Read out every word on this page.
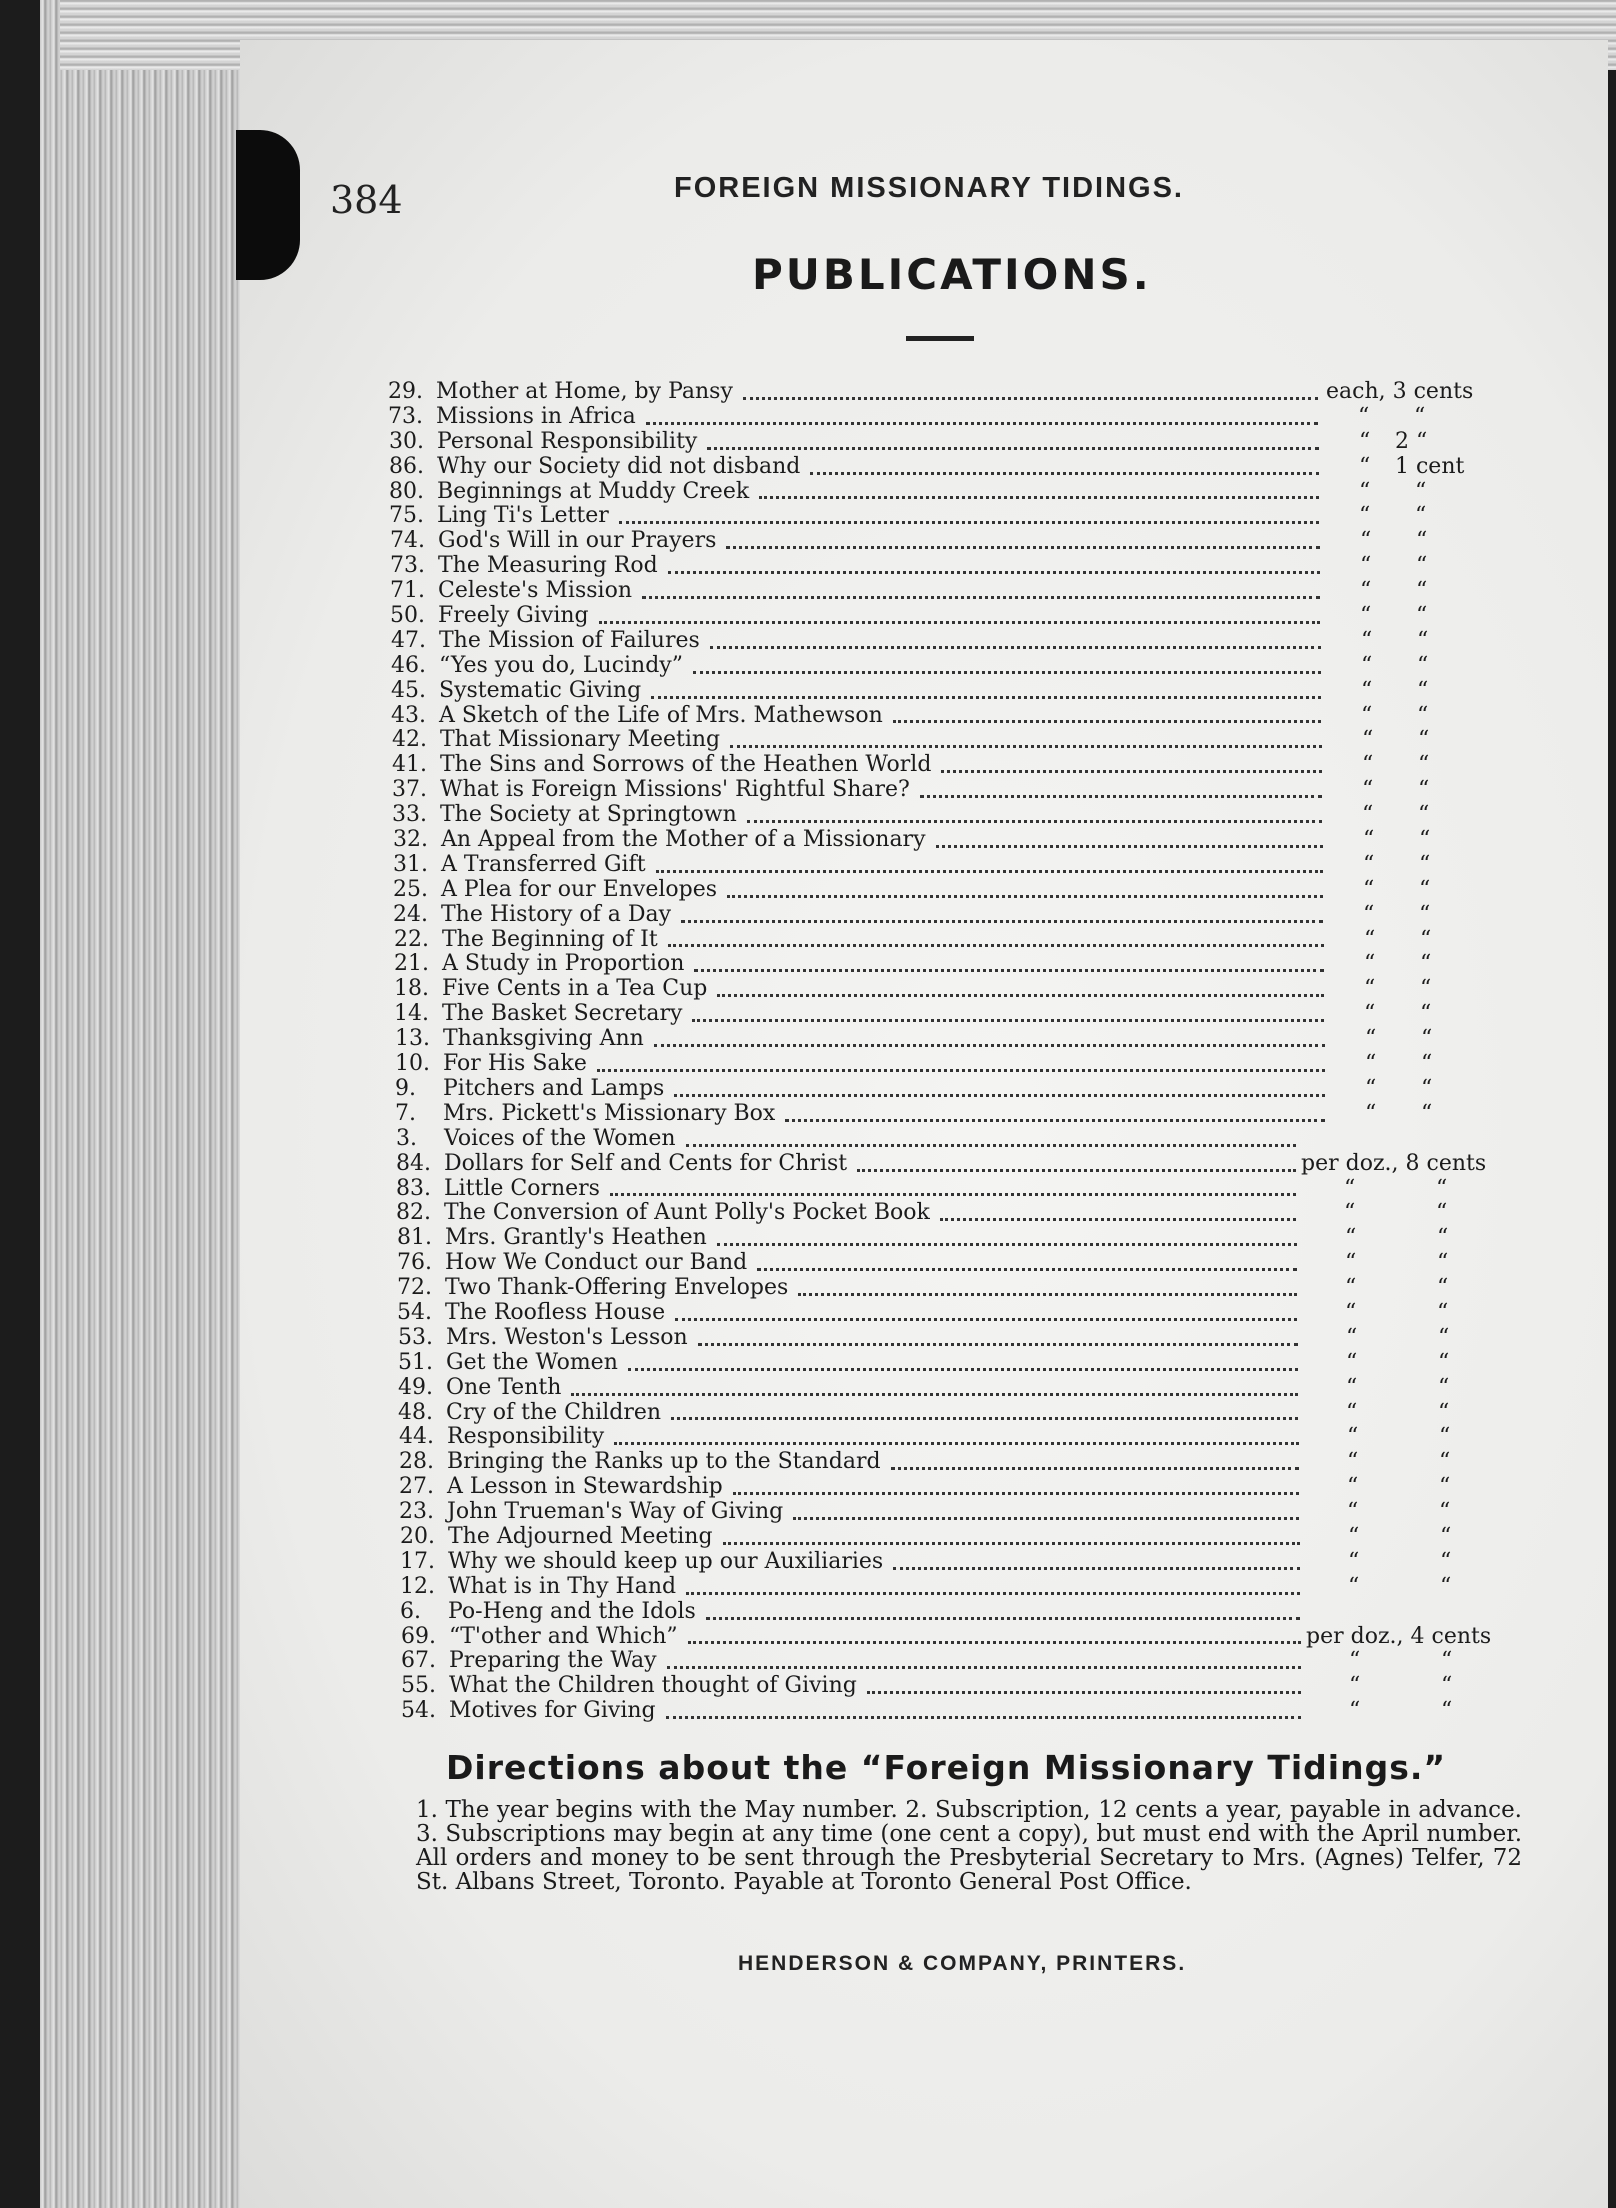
384	FOREIGN MISSIONARY TIDINGS.
PUBLICATIONS.
29. Mother at Home, by Pansy	each, 3 cents
73. Missions in Africa	“ “
30. Personal Responsibility	“ 2 “
86. Why our Society did not disband	“ 1 cent
80. Beginnings at Muddy Creek	“ “
75. Ling Ti's Letter	“ “
74. God's Will in our Prayers	“ “
73. The Measuring Rod	“ “
71. Celeste's Mission	“ “
50. Freely Giving	“ “
47. The Mission of Failures	“ “
46. “Yes you do, Lucindy”	“ “
45. Systematic Giving	“ “
43. A Sketch of the Life of Mrs. Mathewson	“ “
42. That Missionary Meeting	“ “
41. The Sins and Sorrows of the Heathen World	“ “
37. What is Foreign Missions' Rightful Share?	“ “
33. The Society at Springtown	“ “
32. An Appeal from the Mother of a Missionary	“ “
31. A Transferred Gift	“ “
25. A Plea for our Envelopes	“ “
24. The History of a Day	“ “
22. The Beginning of It	“ “
21. A Study in Proportion	“ “
18. Five Cents in a Tea Cup	“ “
14. The Basket Secretary	“ “
13. Thanksgiving Ann	“ “
10. For His Sake	“ “
9.	Pitchers and Lamps	“ “
7.	Mrs. Pickett's Missionary Box	“ “
3.	Voices of the Women
84. Dollars for Self and Cents for Christ	per doz., 8 cents
83. Little Corners	“	“
82. The Conversion of Aunt Polly's Pocket Book	“	“
81. Mrs. Grantly's Heathen	“	“
76. How We Conduct our Band	“	“
72. Two Thank-Offering Envelopes	“	“
54. The Roofless House	“	“
53. Mrs. Weston's Lesson	“	“
51. Get the Women	“	“
49. One Tenth	“	“
48. Cry of the Children	“	“
44. Responsibility	“	“
28. Bringing the Ranks up to the Standard	“	“
27. A Lesson in Stewardship	“	“
23. John Trueman's Way of Giving	“	“
20. The Adjourned Meeting	“	“
17. Why we should keep up our Auxiliaries	“	“
12. What is in Thy Hand	“	“
6.	Po-Heng and the Idols
69. “T'other and Which”	per doz., 4 cents
67. Preparing the Way	“	“
55. What the Children thought of Giving	“	“
54. Motives for Giving	“	“
Directions about the “Foreign Missionary Tidings.”
1. The year begins with the May number. 2. Subscription, 12 cents a year, payable in advance. 3. Subscriptions may begin at any time (one cent a copy), but must end with the April number. All orders and money to be sent through the Presbyterial Secretary to Mrs. (Agnes) Telfer, 72 St. Albans Street, Toronto. Payable at Toronto General Post Office.
HENDERSON & COMPANY, PRINTERS.
